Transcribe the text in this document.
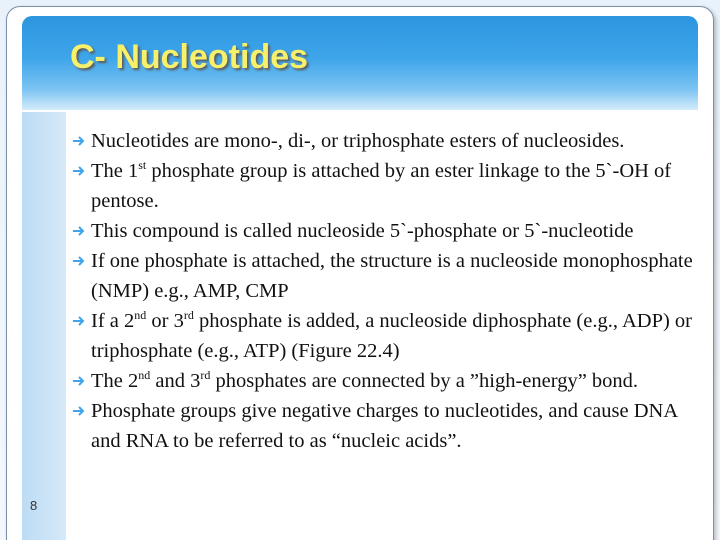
C- Nucleotides
8
Nucleotides are mono-, di-, or triphosphate esters of nucleosides.
The 1st phosphate group is attached by an ester linkage to the 5`-OH of pentose.
This compound is called nucleoside 5`-phosphate or 5`-nucleotide
If one phosphate is attached, the structure is a nucleoside monophosphate (NMP) e.g., AMP, CMP
If a 2nd or 3rd phosphate is added, a nucleoside diphosphate (e.g., ADP) or triphosphate (e.g., ATP) (Figure 22.4)
The 2nd and 3rd phosphates are connected by a ”high-energy” bond.
Phosphate groups give negative charges to nucleotides, and cause DNA and RNA to be referred to as “nucleic acids”.
